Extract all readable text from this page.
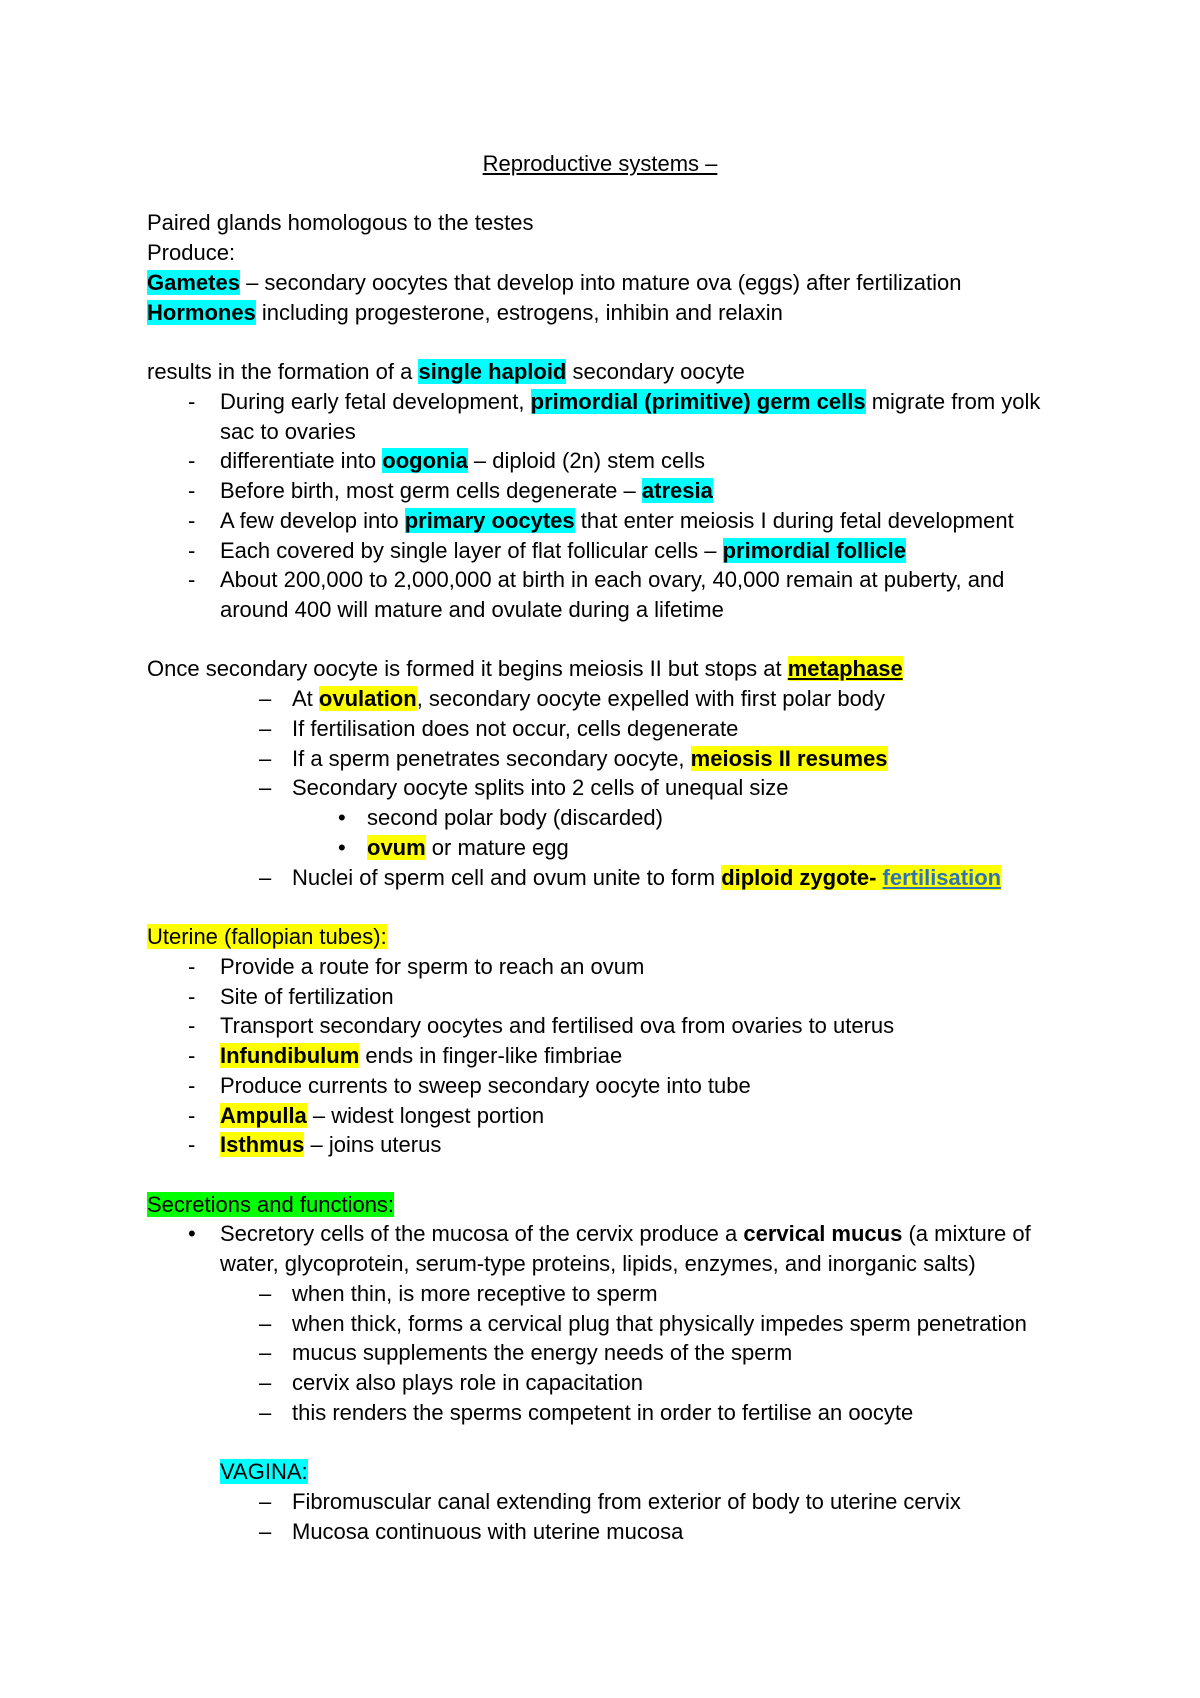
Reproductive systems –
Paired glands homologous to the testes
Produce:
Gametes – secondary oocytes that develop into mature ova (eggs) after fertilization
Hormones including progesterone, estrogens, inhibin and relaxin
results in the formation of a single haploid secondary oocyte
- During early fetal development, primordial (primitive) germ cells migrate from yolk
sac to ovaries
- differentiate into oogonia – diploid (2n) stem cells
- Before birth, most germ cells degenerate – atresia
- A few develop into primary oocytes that enter meiosis I during fetal development
- Each covered by single layer of flat follicular cells – primordial follicle
- About 200,000 to 2,000,000 at birth in each ovary, 40,000 remain at puberty, and
around 400 will mature and ovulate during a lifetime
Once secondary oocyte is formed it begins meiosis II but stops at metaphase
– At ovulation, secondary oocyte expelled with first polar body
– If fertilisation does not occur, cells degenerate
– If a sperm penetrates secondary oocyte, meiosis II resumes
– Secondary oocyte splits into 2 cells of unequal size
• second polar body (discarded)
• ovum or mature egg
– Nuclei of sperm cell and ovum unite to form diploid zygote- fertilisation
Uterine (fallopian tubes):
- Provide a route for sperm to reach an ovum
- Site of fertilization
- Transport secondary oocytes and fertilised ova from ovaries to uterus
- Infundibulum ends in finger-like fimbriae
- Produce currents to sweep secondary oocyte into tube
- Ampulla – widest longest portion
- Isthmus – joins uterus
Secretions and functions:
• Secretory cells of the mucosa of the cervix produce a cervical mucus (a mixture of
water, glycoprotein, serum-type proteins, lipids, enzymes, and inorganic salts)
– when thin, is more receptive to sperm
– when thick, forms a cervical plug that physically impedes sperm penetration
– mucus supplements the energy needs of the sperm
– cervix also plays role in capacitation
– this renders the sperms competent in order to fertilise an oocyte
VAGINA:
– Fibromuscular canal extending from exterior of body to uterine cervix
– Mucosa continuous with uterine mucosa
